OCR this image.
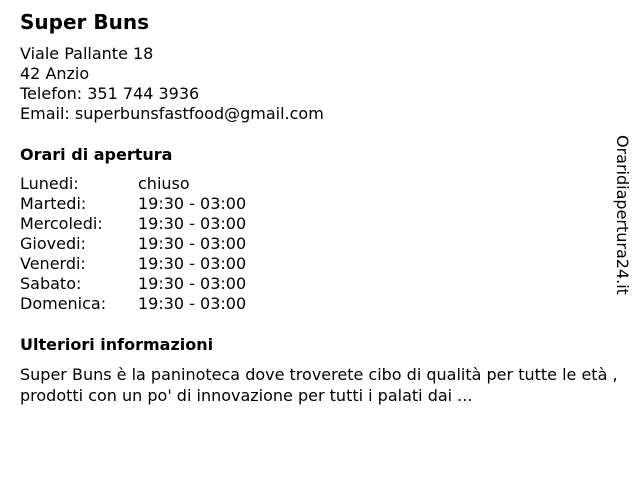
Super Buns
Viale Pallante 18
42 Anzio
Telefon: 351 744 3936
Email: superbunsfastfood@gmail.com
Orari di apertura
Lunedi:	chiuso
Martedi:	19:30 - 03:00
Mercoledi:	19:30 - 03:00
Giovedi:	19:30 - 03:00
Venerdi:	19:30 - 03:00
Sabato:	19:30 - 03:00
Domenica:	19:30 - 03:00
Ulteriori informazioni
Super Buns è la paninoteca dove troverete cibo di qualità per tutte le età , prodotti con un po' di innovazione per tutti i palati dai ...
Oraridiapertura24.it
